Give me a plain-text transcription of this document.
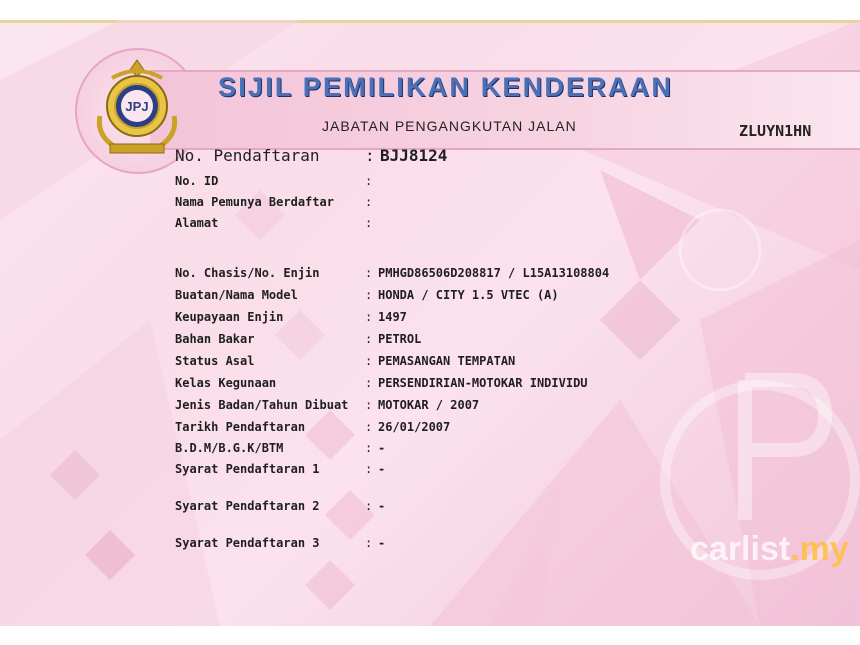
JPJ
SIJIL PEMILIKAN KENDERAAN
JABATAN PENGANGKUTAN JALAN	ZLUYN1HN
No. Pendaftaran	: BJJ8124
No. ID	:
Nama Pemunya Berdaftar	:
Alamat	:
No. Chasis/No. Enjin	: PMHGD86506D208817 / L15A13108804
Buatan/Nama Model	: HONDA / CITY 1.5 VTEC (A)
Keupayaan Enjin	: 1497
Bahan Bakar	: PETROL
Status Asal	: PEMASANGAN TEMPATAN
Kelas Kegunaan	: PERSENDIRIAN-MOTOKAR INDIVIDU
Jenis Badan/Tahun Dibuat : MOTOKAR / 2007
Tarikh Pendaftaran	: 26/01/2007
B.D.M/B.G.K/BTM	: -
Syarat Pendaftaran 1	: -
Syarat Pendaftaran 2	: -
Syarat Pendaftaran 3	: -	carlist.my
